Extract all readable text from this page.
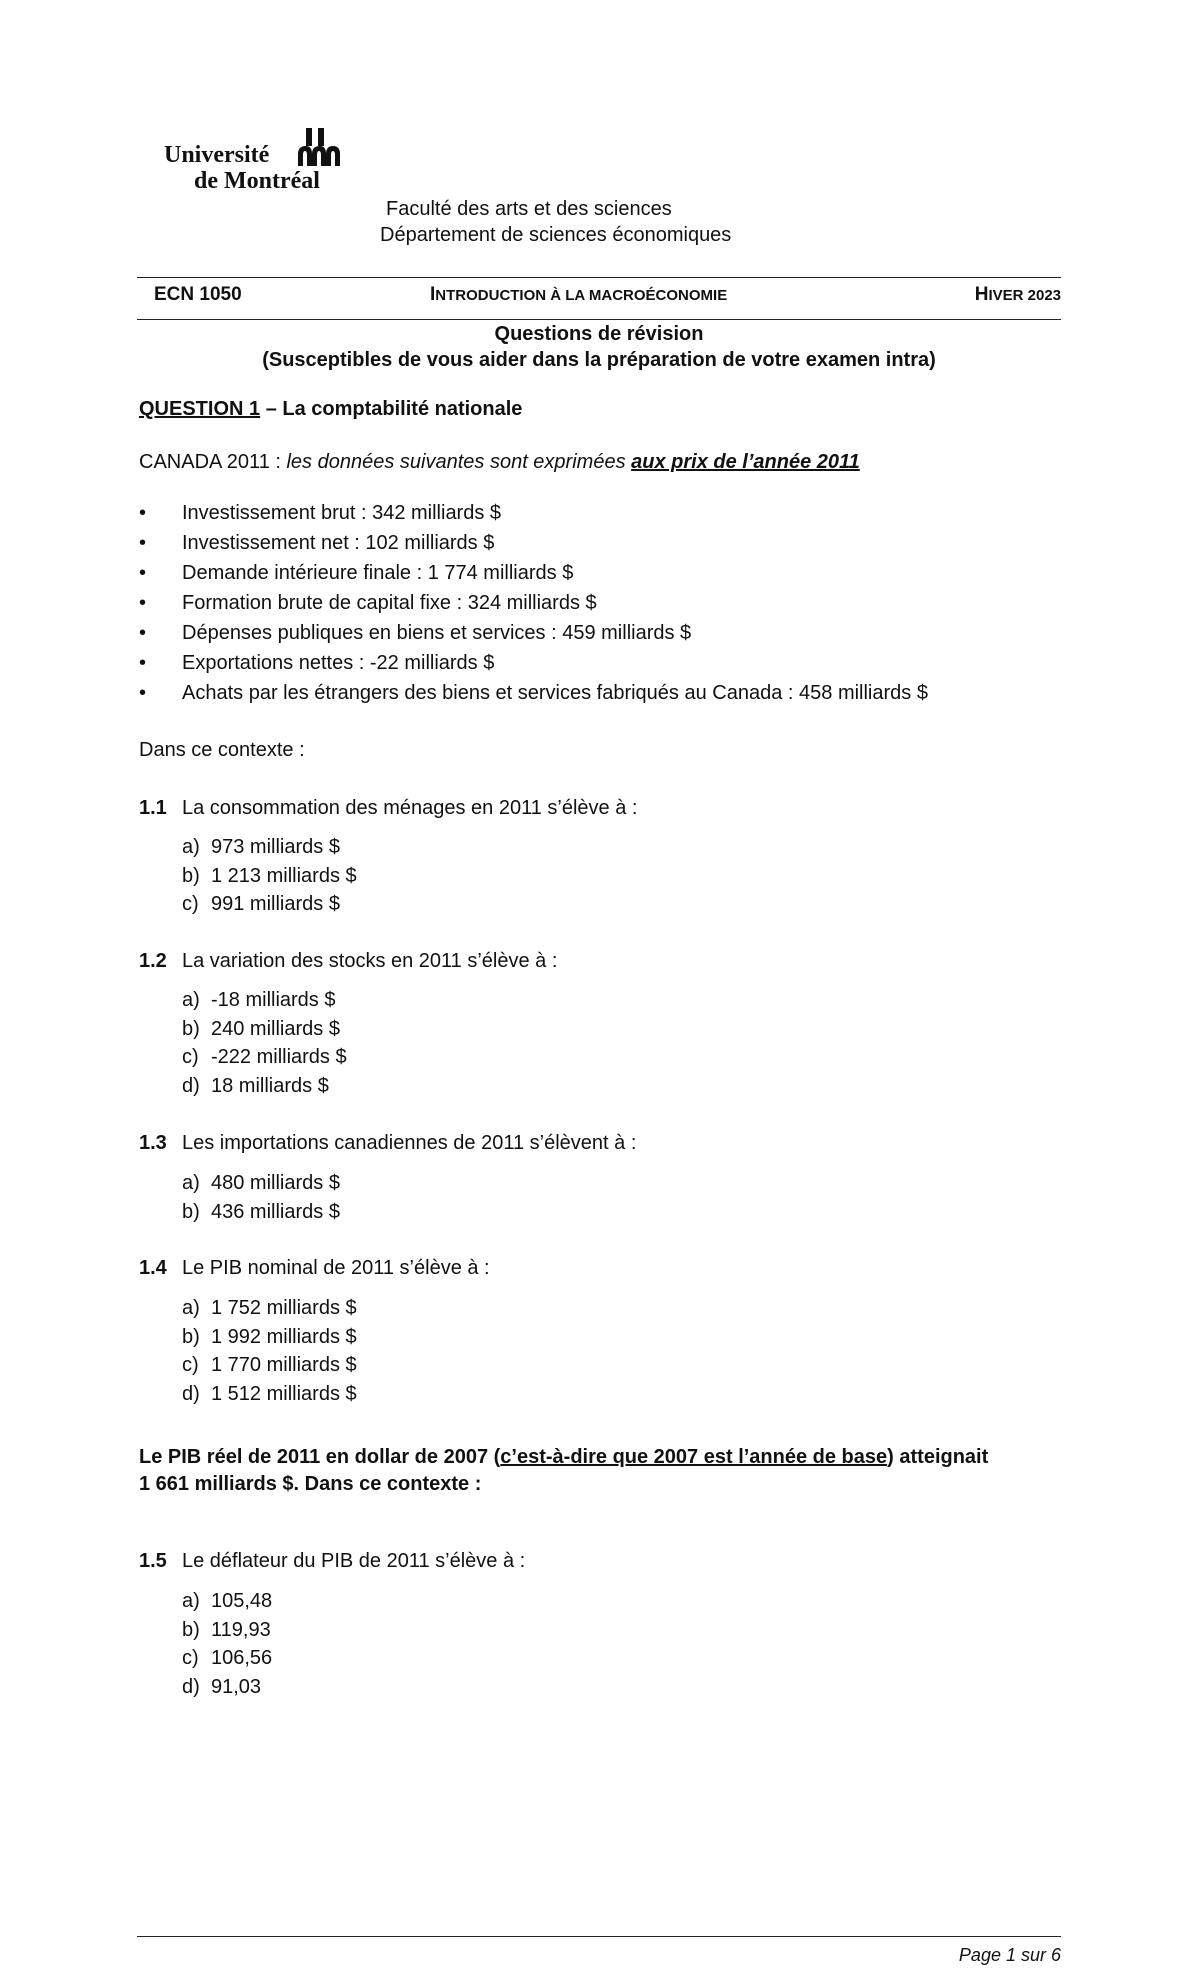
Université
de Montréal
Faculté des arts et des sciences
Département de sciences économiques
ECN 1050	INTRODUCTION À LA MACROÉCONOMIE	HIVER 2023
Questions de révision
(Susceptibles de vous aider dans la préparation de votre examen intra)
QUESTION 1 – La comptabilité nationale
CANADA 2011 : les données suivantes sont exprimées aux prix de l’année 2011
• Investissement brut : 342 milliards $
• Investissement net : 102 milliards $
• Demande intérieure finale : 1 774 milliards $
• Formation brute de capital fixe : 324 milliards $
• Dépenses publiques en biens et services : 459 milliards $
• Exportations nettes : -22 milliards $
• Achats par les étrangers des biens et services fabriqués au Canada : 458 milliards $
Dans ce contexte :
1.1 La consommation des ménages en 2011 s’élève à :
a) 973 milliards $
b) 1 213 milliards $
c) 991 milliards $
1.2 La variation des stocks en 2011 s’élève à :
a) -18 milliards $
b) 240 milliards $
c) -222 milliards $
d) 18 milliards $
1.3 Les importations canadiennes de 2011 s’élèvent à :
a) 480 milliards $
b) 436 milliards $
1.4 Le PIB nominal de 2011 s’élève à :
a) 1 752 milliards $
b) 1 992 milliards $
c) 1 770 milliards $
d) 1 512 milliards $
Le PIB réel de 2011 en dollar de 2007 (c’est-à-dire que 2007 est l’année de base) atteignait
1 661 milliards $. Dans ce contexte :
1.5 Le déflateur du PIB de 2011 s’élève à :
a) 105,48
b) 119,93
c) 106,56
d) 91,03
Page 1 sur 6
